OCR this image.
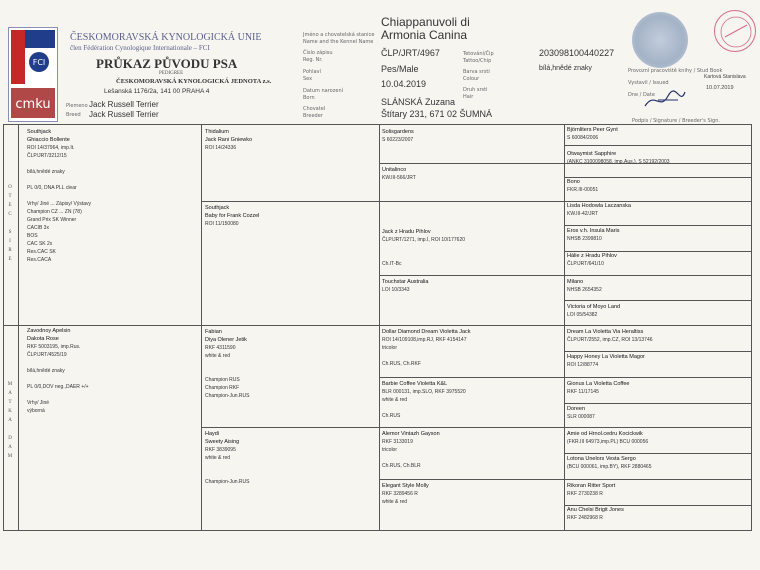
FCI
cmku
ČESKOMORAVSKÁ KYNOLOGICKÁ UNIE
člen Fédération Cynologique Internationale – FCI
PRŮKAZ PŮVODU PSA
PEDIGREE
ČESKOMORAVSKÁ KYNOLOGICKÁ JEDNOTA z.s.
Lešanská 1176/2a, 141 00 PRAHA 4
Plemeno
Breed
Jack Russell Terrier
Jack Russell Terrier
Jméno a chovatelská stanice
Name and the Kennel Name
Číslo zápisu
Reg. Nr.
Pohlaví
Sex
Datum narození
Born
Chovatel
Breeder
Chiappanuvoli di
Armonia Canina
ČLP/JRT/4967
Pes/Male
10.04.2019
SLÁNSKÁ Zuzana
Štítary 231, 671 02 ŠUMNÁ
Tetování/Čip
Tattoo/Chip
Barva srsti
Colour
Druh srsti
Hair
203098100440227
bílá,hnědé znaky	Provozní pracoviště knihy / Stud Book
Vystavil / Issued
Dne / Date
Kartová Stanislava
10.07.2019
Podpis / Signature / Breeder's Sign.
O
T
E
C

S
I
R
E
M
A
T
K
A

D
A
M
Southjack
Ghiaccio Bollente
ROI 14/37964, imp.It.
ČLP/JRT/3212/15

bílá,hnědé znaky

PL 0/0, DNA PLL clear

Vrhy/ Jiné ... Zápisy/ Výstavy
Champion CZ ... ZN (78)
Grand Prix SK Winner
CACIB 3x
BOS
CAC SK 2x
Res.CAC SK
Res.CACA
Zavodnoy Apelsin
Dakota Rose
RKF 5003195, imp.Rus.
ČLP/JRT/4525/19

bílá,hnědé znaky

PL 0/0,DOV neg.,DAER +/+

Vrhy/ Jiné
výborná
Thidalium
Jack Rani Gniewko
ROI 14/24336
Southjack
Baby for Frank Cozzel
ROI 11/150080
Fabian
Diya Olener Jetik
RKF 4311590
white & red

Champion RUS
Champion RKF
Champion-Jun.RUS
Haydi
Sweety Aising
RKF 3839095
white & red

Champion-Jun.RUS
Solisgardens
S 60223/2007
Unitalinco
KW.III-566/JRT
Jack z Hradu Pihlov
ČLP/JRT/1271, imp.I, ROI 10/177620

Ch.IT-Bc
Touchstar Australia
LOI 10/3343
Dollar Diamond Dream Violetta Jack
ROI 14/109108,imp.RJ, RKF 4154147
tricolor

Ch.RUS, Ch.RKF
Barbie Coffee Violetta K&L
BLR 000131, imp.SLO, RKF 3975520
white & red

Ch.RUS
Alemor Vintazh Gayson
RKF 3133019
tricolor

Ch.RUS, Ch.BLR
Elegant Style Molly
RKF 3289456 R
white & red
Björnliters Peer Gynt
S 60084/2006
Otwaymist Sapphire
(ANKC 3100098058, imp.Aus.), S 52192/2003
Bono
FKR.III-00051
Lisda Hodowla Laczanska
KW.III-42/JRT
Eros v.h. Insula Maris
NHSB 2399810
Hálie z Hradu Pihlov
ČLP/JRT/641/10
Milano
NHSB 2654352
Victoria of Moyo Land
LOI 05/54382
Dream La Violetta Via Heraltiss
ČLP/JRT/2552, imp.CZ, ROI 13/13746
Happy Honey La Violetta Magor
ROI 12/88774
Gionus La Violetta Coffee
RKF 11/17145
Doreen
SLR 000087
Amie od Hrnol.cedru Kocickwik
(FKR.III 64973,imp.PL) BCU 000056
Lotona Unelors Vesta Sergo
(BCU 000061, imp.BY), RKF 2880465
Rikoran Ritter Sport
RKF 2730238 R
Anu Chelsi Brigit Jones
RKF 2482968 R
